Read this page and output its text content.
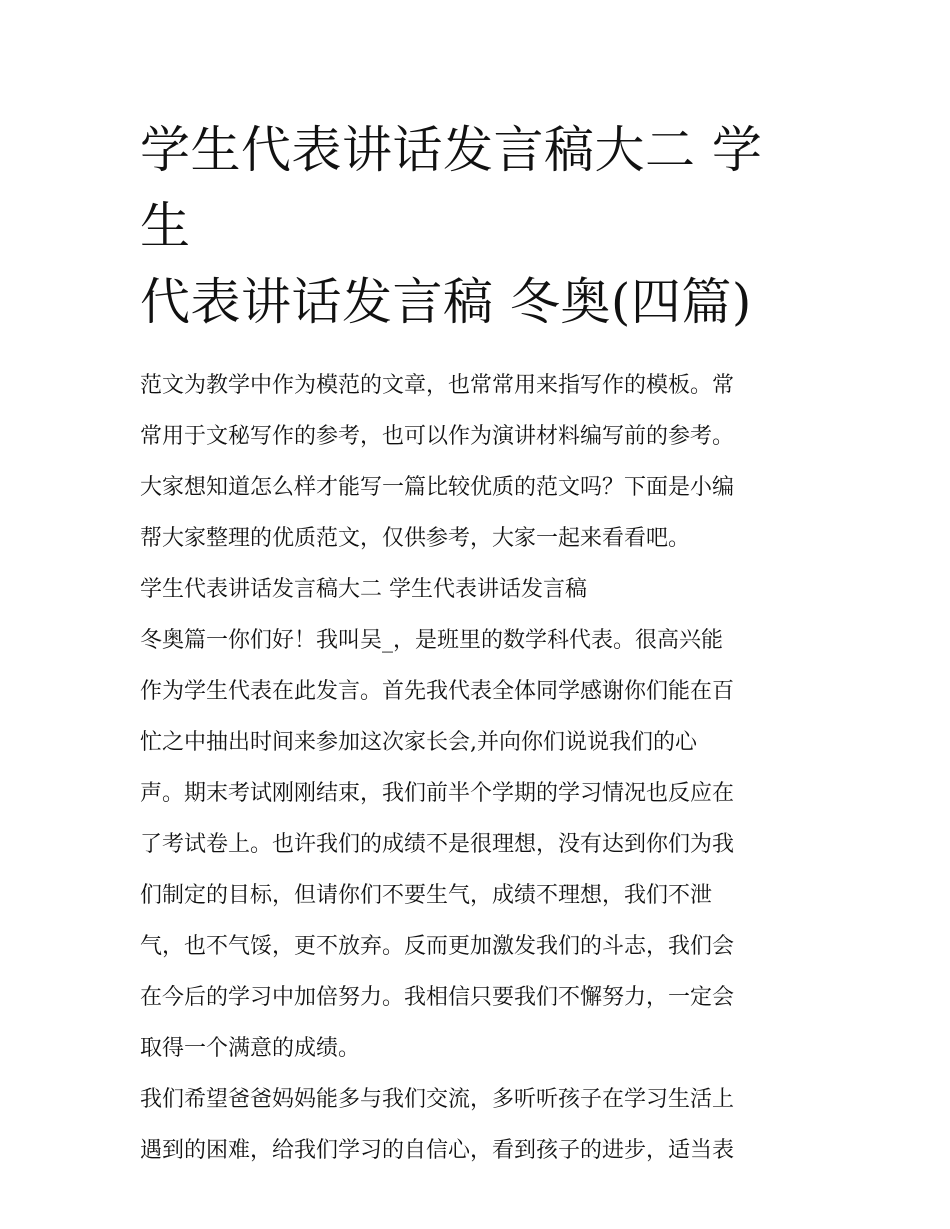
学生代表讲话发言稿大二 学生
代表讲话发言稿 冬奥(四篇)
范文为教学中作为模范的文章，也常常用来指写作的模板。常
常用于文秘写作的参考，也可以作为演讲材料编写前的参考。
大家想知道怎么样才能写一篇比较优质的范文吗？下面是小编
帮大家整理的优质范文，仅供参考，大家一起来看看吧。
学生代表讲话发言稿大二 学生代表讲话发言稿
冬奥篇一你们好！我叫吴_，是班里的数学科代表。很高兴能
作为学生代表在此发言。首先我代表全体同学感谢你们能在百
忙之中抽出时间来参加这次家长会,并向你们说说我们的心
声。期末考试刚刚结束，我们前半个学期的学习情况也反应在
了考试卷上。也许我们的成绩不是很理想，没有达到你们为我
们制定的目标，但请你们不要生气，成绩不理想，我们不泄
气，也不气馁，更不放弃。反而更加激发我们的斗志，我们会
在今后的学习中加倍努力。我相信只要我们不懈努力，一定会
取得一个满意的成绩。
我们希望爸爸妈妈能多与我们交流，多听听孩子在学习生活上
遇到的困难，给我们学习的自信心，看到孩子的进步，适当表
